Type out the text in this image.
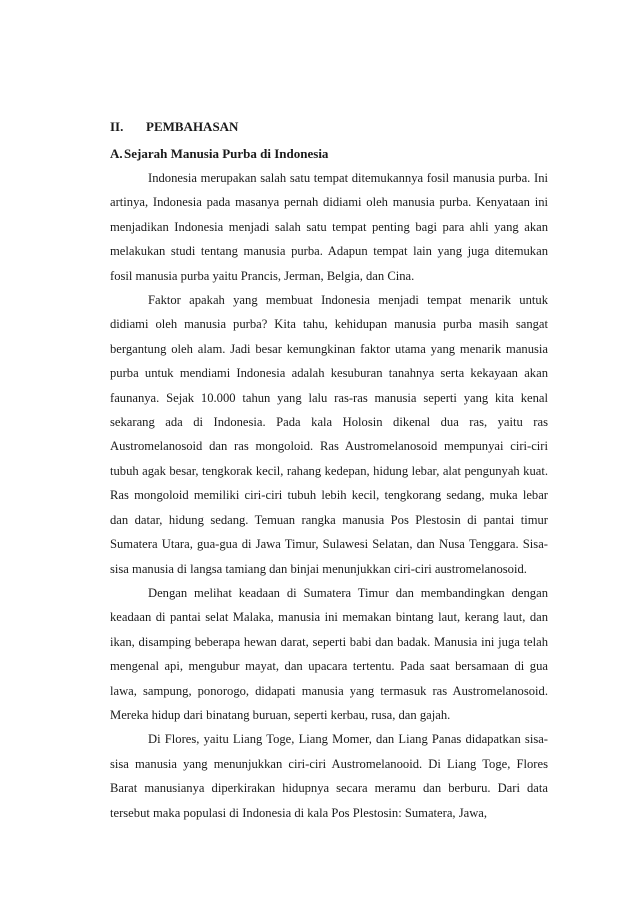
II. PEMBAHASAN
A.Sejarah Manusia Purba di Indonesia

Indonesia merupakan salah satu tempat ditemukannya fosil manusia purba. Ini artinya, Indonesia pada masanya pernah didiami oleh manusia purba. Kenyataan ini menjadikan Indonesia menjadi salah satu tempat penting bagi para ahli yang akan melakukan studi tentang manusia purba. Adapun tempat lain yang juga ditemukan fosil manusia purba yaitu Prancis, Jerman, Belgia, dan Cina.

Faktor apakah yang membuat Indonesia menjadi tempat menarik untuk didiami oleh manusia purba? Kita tahu, kehidupan manusia purba masih sangat bergantung oleh alam. Jadi besar kemungkinan faktor utama yang menarik manusia purba untuk mendiami Indonesia adalah kesuburan tanahnya serta kekayaan akan faunanya. Sejak 10.000 tahun yang lalu ras-ras manusia seperti yang kita kenal sekarang ada di Indonesia. Pada kala Holosin dikenal dua ras, yaitu ras Austromelanosoid dan ras mongoloid. Ras Austromelanosoid mempunyai ciri-ciri tubuh agak besar, tengkorak kecil, rahang kedepan, hidung lebar, alat pengunyah kuat. Ras mongoloid memiliki ciri-ciri tubuh lebih kecil, tengkorang sedang, muka lebar dan datar, hidung sedang. Temuan rangka manusia Pos Plestosin di pantai timur Sumatera Utara, gua-gua di Jawa Timur, Sulawesi Selatan, dan Nusa Tenggara. Sisa-sisa manusia di langsa tamiang dan binjai menunjukkan ciri-ciri austromelanosoid.

Dengan melihat keadaan di Sumatera Timur dan membandingkan dengan keadaan di pantai selat Malaka, manusia ini memakan bintang laut, kerang laut, dan ikan, disamping beberapa hewan darat, seperti babi dan badak. Manusia ini juga telah mengenal api, mengubur mayat, dan upacara tertentu. Pada saat bersamaan di gua lawa, sampung, ponorogo, didapati manusia yang termasuk ras Austromelanosoid. Mereka hidup dari binatang buruan, seperti kerbau, rusa, dan gajah.

Di Flores, yaitu Liang Toge, Liang Momer, dan Liang Panas didapatkan sisa-sisa manusia yang menunjukkan ciri-ciri Austromelanooid. Di Liang Toge, Flores Barat manusianya diperkirakan hidupnya secara meramu dan berburu. Dari data tersebut maka populasi di Indonesia di kala Pos Plestosin: Sumatera, Jawa,
